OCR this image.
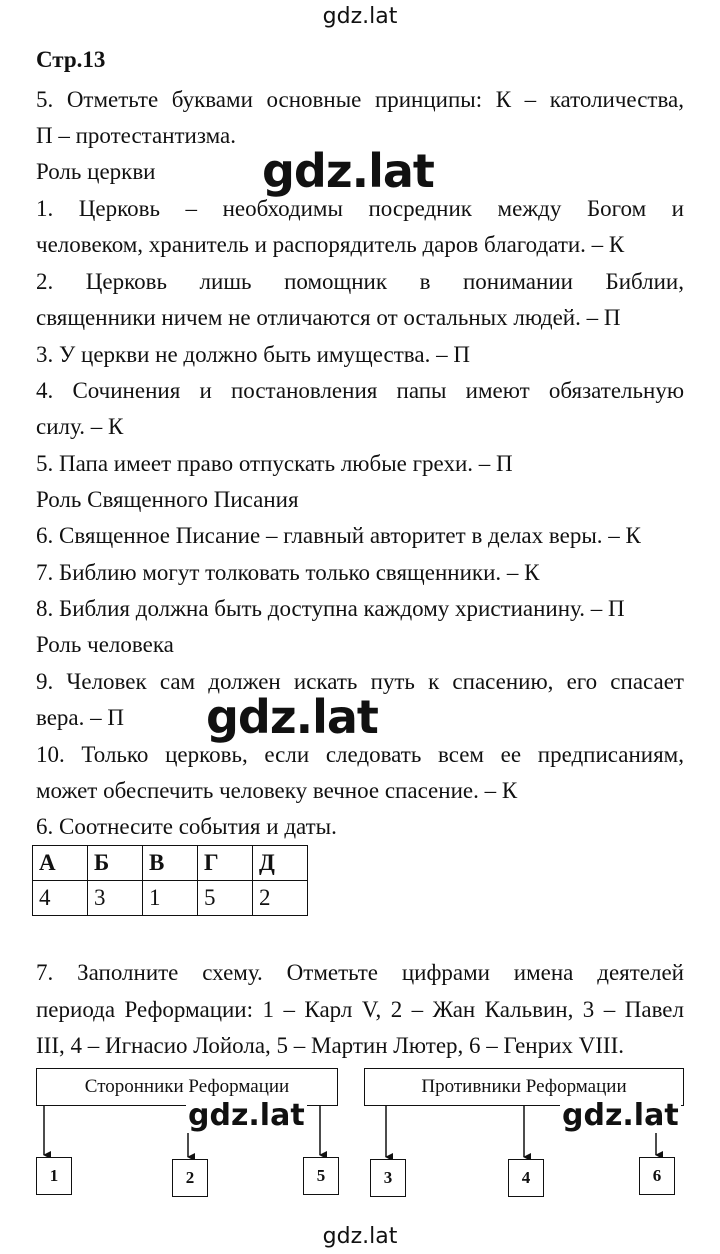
gdz.lat
Стр.13
5. Отметьте буквами основные принципы: К – католичества,
П – протестантизма.
Роль церкви
1. Церковь – необходимы посредник между Богом и
человеком, хранитель и распорядитель даров благодати. – К
2. Церковь лишь помощник в понимании Библии,
священники ничем не отличаются от остальных людей. – П
3. У церкви не должно быть имущества. – П
4. Сочинения и постановления папы имеют обязательную
силу. – К
5. Папа имеет право отпускать любые грехи. – П
Роль Священного Писания
6. Священное Писание – главный авторитет в делах веры. – К
7. Библию могут толковать только священники. – К
8. Библия должна быть доступна каждому христианину. – П
Роль человека
9. Человек сам должен искать путь к спасению, его спасает
вера. – П
10. Только церковь, если следовать всем ее предписаниям,
может обеспечить человеку вечное спасение. – К
6. Соотнесите события и даты.
А	Б	В	Г	Д
4	3	1	5	2
7. Заполните схему. Отметьте цифрами имена деятелей
периода Реформации: 1 – Карл V, 2 – Жан Кальвин, 3 – Павел
III, 4 – Игнасио Лойола, 5 – Мартин Лютер, 6 – Генрих VIII.
Сторонники Реформации	Противники Реформации
1	2	5	3	4	6
gdz.lat
gdz.lat
gdz.lat	gdz.lat
gdz.lat
